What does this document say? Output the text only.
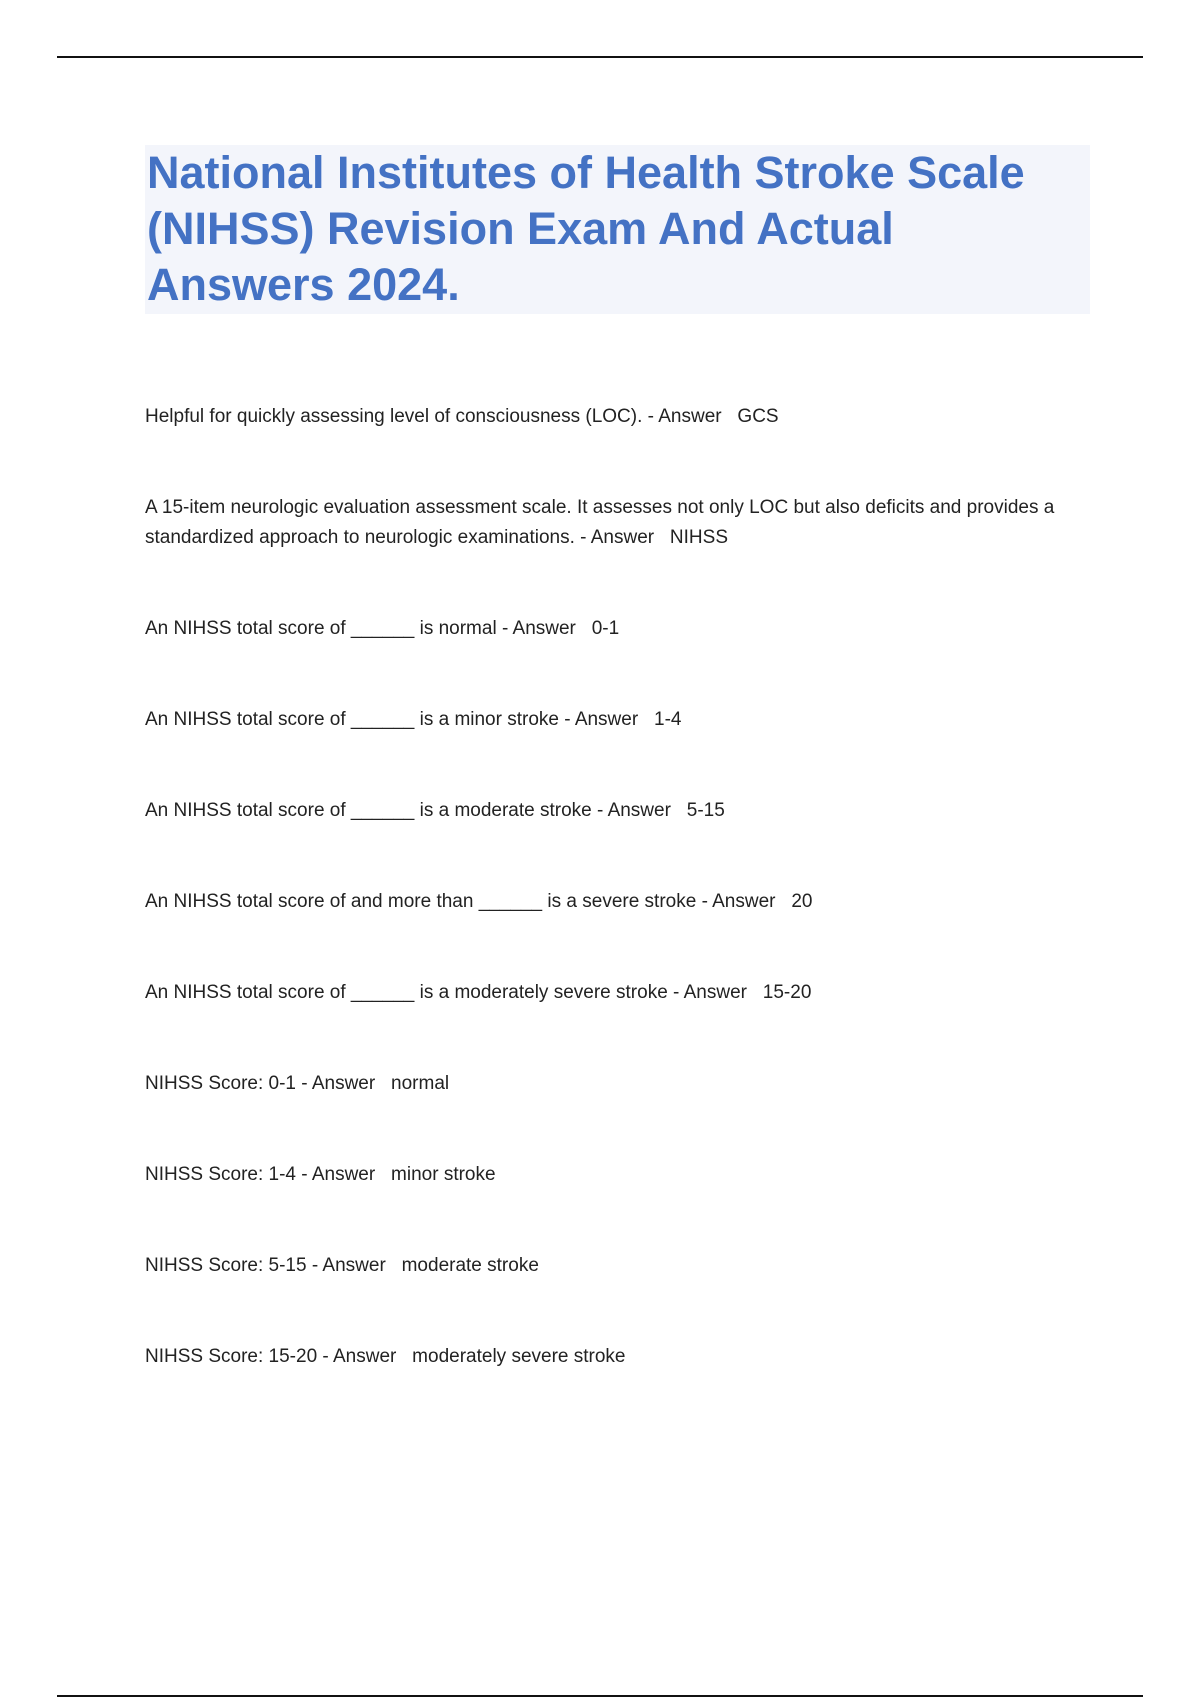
National Institutes of Health Stroke Scale (NIHSS) Revision Exam And Actual Answers 2024.

Helpful for quickly assessing level of consciousness (LOC). - Answer   GCS

A 15-item neurologic evaluation assessment scale. It assesses not only LOC but also deficits and provides a standardized approach to neurologic examinations. - Answer   NIHSS

An NIHSS total score of ______ is normal - Answer   0-1

An NIHSS total score of ______ is a minor stroke - Answer   1-4

An NIHSS total score of ______ is a moderate stroke - Answer   5-15

An NIHSS total score of and more than ______ is a severe stroke - Answer   20

An NIHSS total score of ______ is a moderately severe stroke - Answer   15-20

NIHSS Score: 0-1 - Answer   normal

NIHSS Score: 1-4 - Answer   minor stroke

NIHSS Score: 5-15 - Answer   moderate stroke

NIHSS Score: 15-20 - Answer   moderately severe stroke
